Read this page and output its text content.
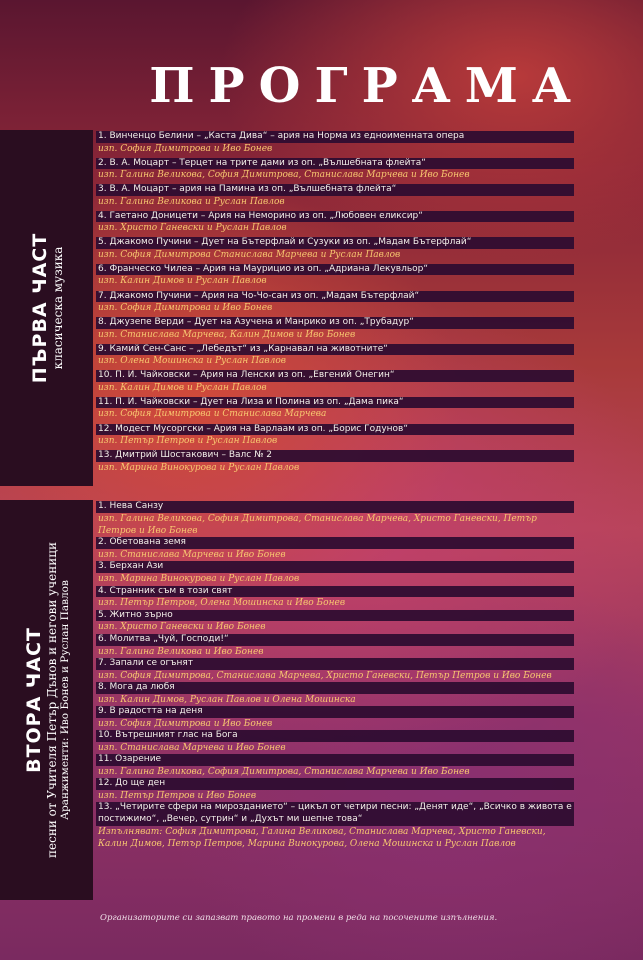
ПРОГРАМА
ПЪРВА ЧАСТ класическа музика
ВТОРА ЧАСТ песни от Учителя Петър Дънов и негови ученици Аранжименти: Иво Бонев и Руслан Павлов
1. Винченцо Белини – „Каста Дива“ – ария на Норма из едноименната опера
изп. София Димитрова и Иво Бонев
2. В. А. Моцарт – Терцет на трите дами из оп. „Вълшебната флейта“
изп. Галина Великова, София Димитрова, Станислава Марчева и Иво Бонев
3. В. А. Моцарт – ария на Памина из оп. „Вълшебната флейта“
изп. Галина Великова и Руслан Павлов
4. Гаетано Доницети – Ария на Неморино из оп. „Любовен еликсир“
изп. Христо Ганевски и Руслан Павлов
5. Джакомо Пучини – Дует на Бътерфлай и Сузуки из оп. „Мадам Бътерфлай“
изп. София Димитрова Станислава Марчева и Руслан Павлов
6. Франческо Чилеа – Ария на Маурицио из оп. „Адриана Лекувльор“
изп. Калин Димов и Руслан Павлов
7. Джакомо Пучини – Ария на Чо-Чо-сан из оп. „Мадам Бътерфлай“
изп. София Димитрова и Иво Бонев
8. Джузепе Верди – Дует на Азучена и Манрико из оп. „Трубадур“
изп. Станислава Марчева, Калин Димов и Иво Бонев
9. Камий Сен-Санс – „Лебедът“ из „Карнавал на животните“
изп. Олена Мошинска и Руслан Павлов
10. П. И. Чайковски – Ария на Ленски из оп. „Евгений Онегин“
изп. Калин Димов и Руслан Павлов
11. П. И. Чайковски – Дует на Лиза и Полина из оп. „Дама пика“
изп. София Димитрова и Станислава Марчева
12. Модест Мусоргски – Ария на Варлаам из оп. „Борис Годунов“
изп. Петър Петров и Руслан Павлов
13. Дмитрий Шостакович – Валс № 2
изп. Марина Винокурова и Руслан Павлов
1. Нева Санзу
изп. Галина Великова, София Димитрова, Станислава Марчева, Христо Ганевски, Петър Петров и Иво Бонев
2. Обетована земя
изп. Станислава Марчева и Иво Бонев
3. Берхан Ази
изп. Марина Винокурова и Руслан Павлов
4. Странник съм в този свят
изп. Петър Петров, Олена Мошинска и Иво Бонев
5. Житно зърно
изп. Христо Ганевски и Иво Бонев
6. Молитва „Чуй, Господи!“
изп. Галина Великова и Иво Бонев
7. Запали се огънят
изп. София Димитрова, Станислава Марчева, Христо Ганевски, Петър Петров и Иво Бонев
8. Мога да любя
изп. Калин Димов, Руслан Павлов и Олена Мошинска
9. В радостта на деня
изп. София Димитрова и Иво Бонев
10. Вътрешният глас на Бога
изп. Станислава Марчева и Иво Бонев
11. Озарение
изп. Галина Великова, София Димитрова, Станислава Марчева и Иво Бонев
12. До ще ден
изп. Петър Петров и Иво Бонев
13. „Четирите сфери на мирозданието“ – цикъл от четири песни: „Денят иде“, „Всичко в живота е постижимо“, „Вечер, сутрин“ и „Духът ми шепне това“
Изпълняват: София Димитрова, Галина Великова, Станислава Марчева, Христо Ганевски, Калин Димов, Петър Петров, Марина Винокурова, Олена Мошинска и Руслан Павлов
Организаторите си запазват правото на промени в реда на посочените изпълнения.
